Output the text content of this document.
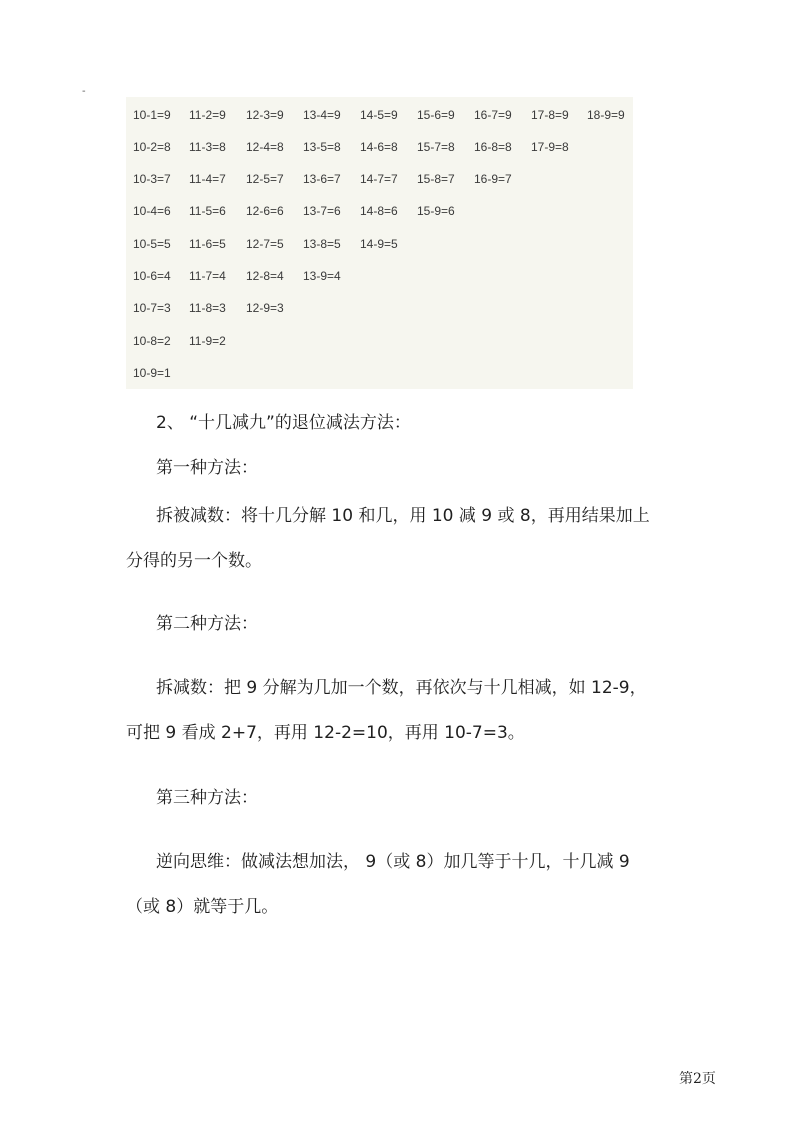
-
10-1=9
10-2=8
10-3=7
10-4=6
10-5=5
10-6=4
10-7=3
10-8=2
10-9=1
11-2=9
11-3=8
11-4=7
11-5=6
11-6=5
11-7=4
11-8=3
11-9=2
12-3=9
12-4=8
12-5=7
12-6=6
12-7=5
12-8=4
12-9=3
13-4=9
13-5=8
13-6=7
13-7=6
13-8=5
13-9=4
14-5=9
14-6=8
14-7=7
14-8=6
14-9=5
15-6=9
15-7=8
15-8=7
15-9=6
16-7=9
16-8=8
16-9=7
17-8=9
17-9=8
18-9=9
2、 “十几减九”的退位减法方法：
第一种方法：
拆被减数：将十几分解 10 和几，用 10 减 9 或 8，再用结果加上
分得的另一个数。
第二种方法：
拆减数：把 9 分解为几加一个数，再依次与十几相减，如 12-9，
可把 9 看成 2+7，再用 12-2=10，再用 10-7=3。
第三种方法：
逆向思维：做减法想加法， 9（或 8）加几等于十几，十几减 9
（或 8）就等于几。
第2页
